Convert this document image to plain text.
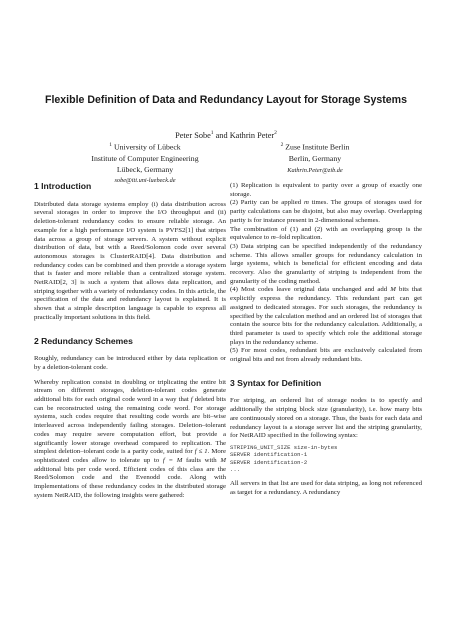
Flexible Definition of Data and Redundancy Layout for Storage Systems
Peter Sobe$^1$ and Kathrin Peter$^2$
$^1$ University of Lübeck
Institute of Computer Engineering
Lübeck, Germany
sobe@iti.uni-luebeck.de
$^2$ Zuse Institute Berlin
Berlin, Germany
Kathrin.Peter@zib.de
1 Introduction

Distributed data storage systems employ (i) data distribution across several storages in order to improve the I/O throughput and (ii) deletion-tolerant redundancy codes to ensure reliable storage. An example for a high performance I/O system is PVFS2[1] that stripes data across a group of storage servers. A system without explicit distribution of data, but with a Reed/Solomon code over several autonomous storages is ClusterRAID[4]. Data distribution and redundancy codes can be combined and then provide a storage system that is faster and more reliable than a centralized storage system. NetRAID[2, 3] is such a system that allows data replication, and striping together with a variety of redundancy codes. In this article, the specification of the data and redundancy layout is explained. It is shown that a simple description language is capable to express all practically important solutions in this field.

2 Redundancy Schemes

Roughly, redundancy can be introduced either by data replication or by a deletion-tolerant code.

Whereby replication consist in doubling or triplicating the entire bit stream on different storages, deletion-tolerant codes generate additional bits for each original code word in a way that f deleted bits can be reconstructed using the remaining code word. For storage systems, such codes require that resulting code words are bit–wise interleaved across independently failing storages. Deletion–tolerant codes may require severe computation effort, but provide a significantly lower storage overhead compared to replication. The simplest deletion–tolerant code is a parity code, suited for f ≤ 1. More sophisticated codes allow to tolerate up to f = M faults with M additional bits per code word. Efficient codes of this class are the Reed/Solomon code and the Evenodd code. Along with implementations of these redundancy codes in the distributed storage system NetRAID, the following insights were gathered:

(1) Replication is equivalent to parity over a group of exactly one storage.

(2) Parity can be applied m times. The groups of storages used for parity calculations can be disjoint, but also may overlap. Overlapping parity is for instance present in 2-dimensional schemes.

The combination of (1) and (2) with an overlapping group is the equivalence to m–fold replication.

(3) Data striping can be specified independently of the redundancy scheme. This allows smaller groups for redundancy calculation in large systems, which is beneficial for efficient encoding and data recovery. Also the granularity of striping is independent from the granularity of the coding method.

(4) Most codes leave original data unchanged and add M bits that explicitly express the redundancy. This redundant part can get assigned to dedicated storages. For such storages, the redundancy is specified by the calculation method and an ordered list of storages that contain the source bits for the redundancy calculation. Additionally, a third parameter is used to specify which role the additional storage plays in the redundancy scheme.

(5) For most codes, redundant bits are exclusively calculated from original bits and not from already redundant bits.

3 Syntax for Definition

For striping, an ordered list of storage nodes is to specify and additionally the striping block size (granularity), i.e. how many bits are continuously stored on a storage. Thus, the basis for each data and redundancy layout is a storage server list and the striping granularity, for NetRAID specified in the following syntax:

STRIPING_UNIT_SIZE size-in-bytes
SERVER identification-1
SERVER identification-2
...

All servers in that list are used for data striping, as long not referenced as target for a redundancy. A redundancy
